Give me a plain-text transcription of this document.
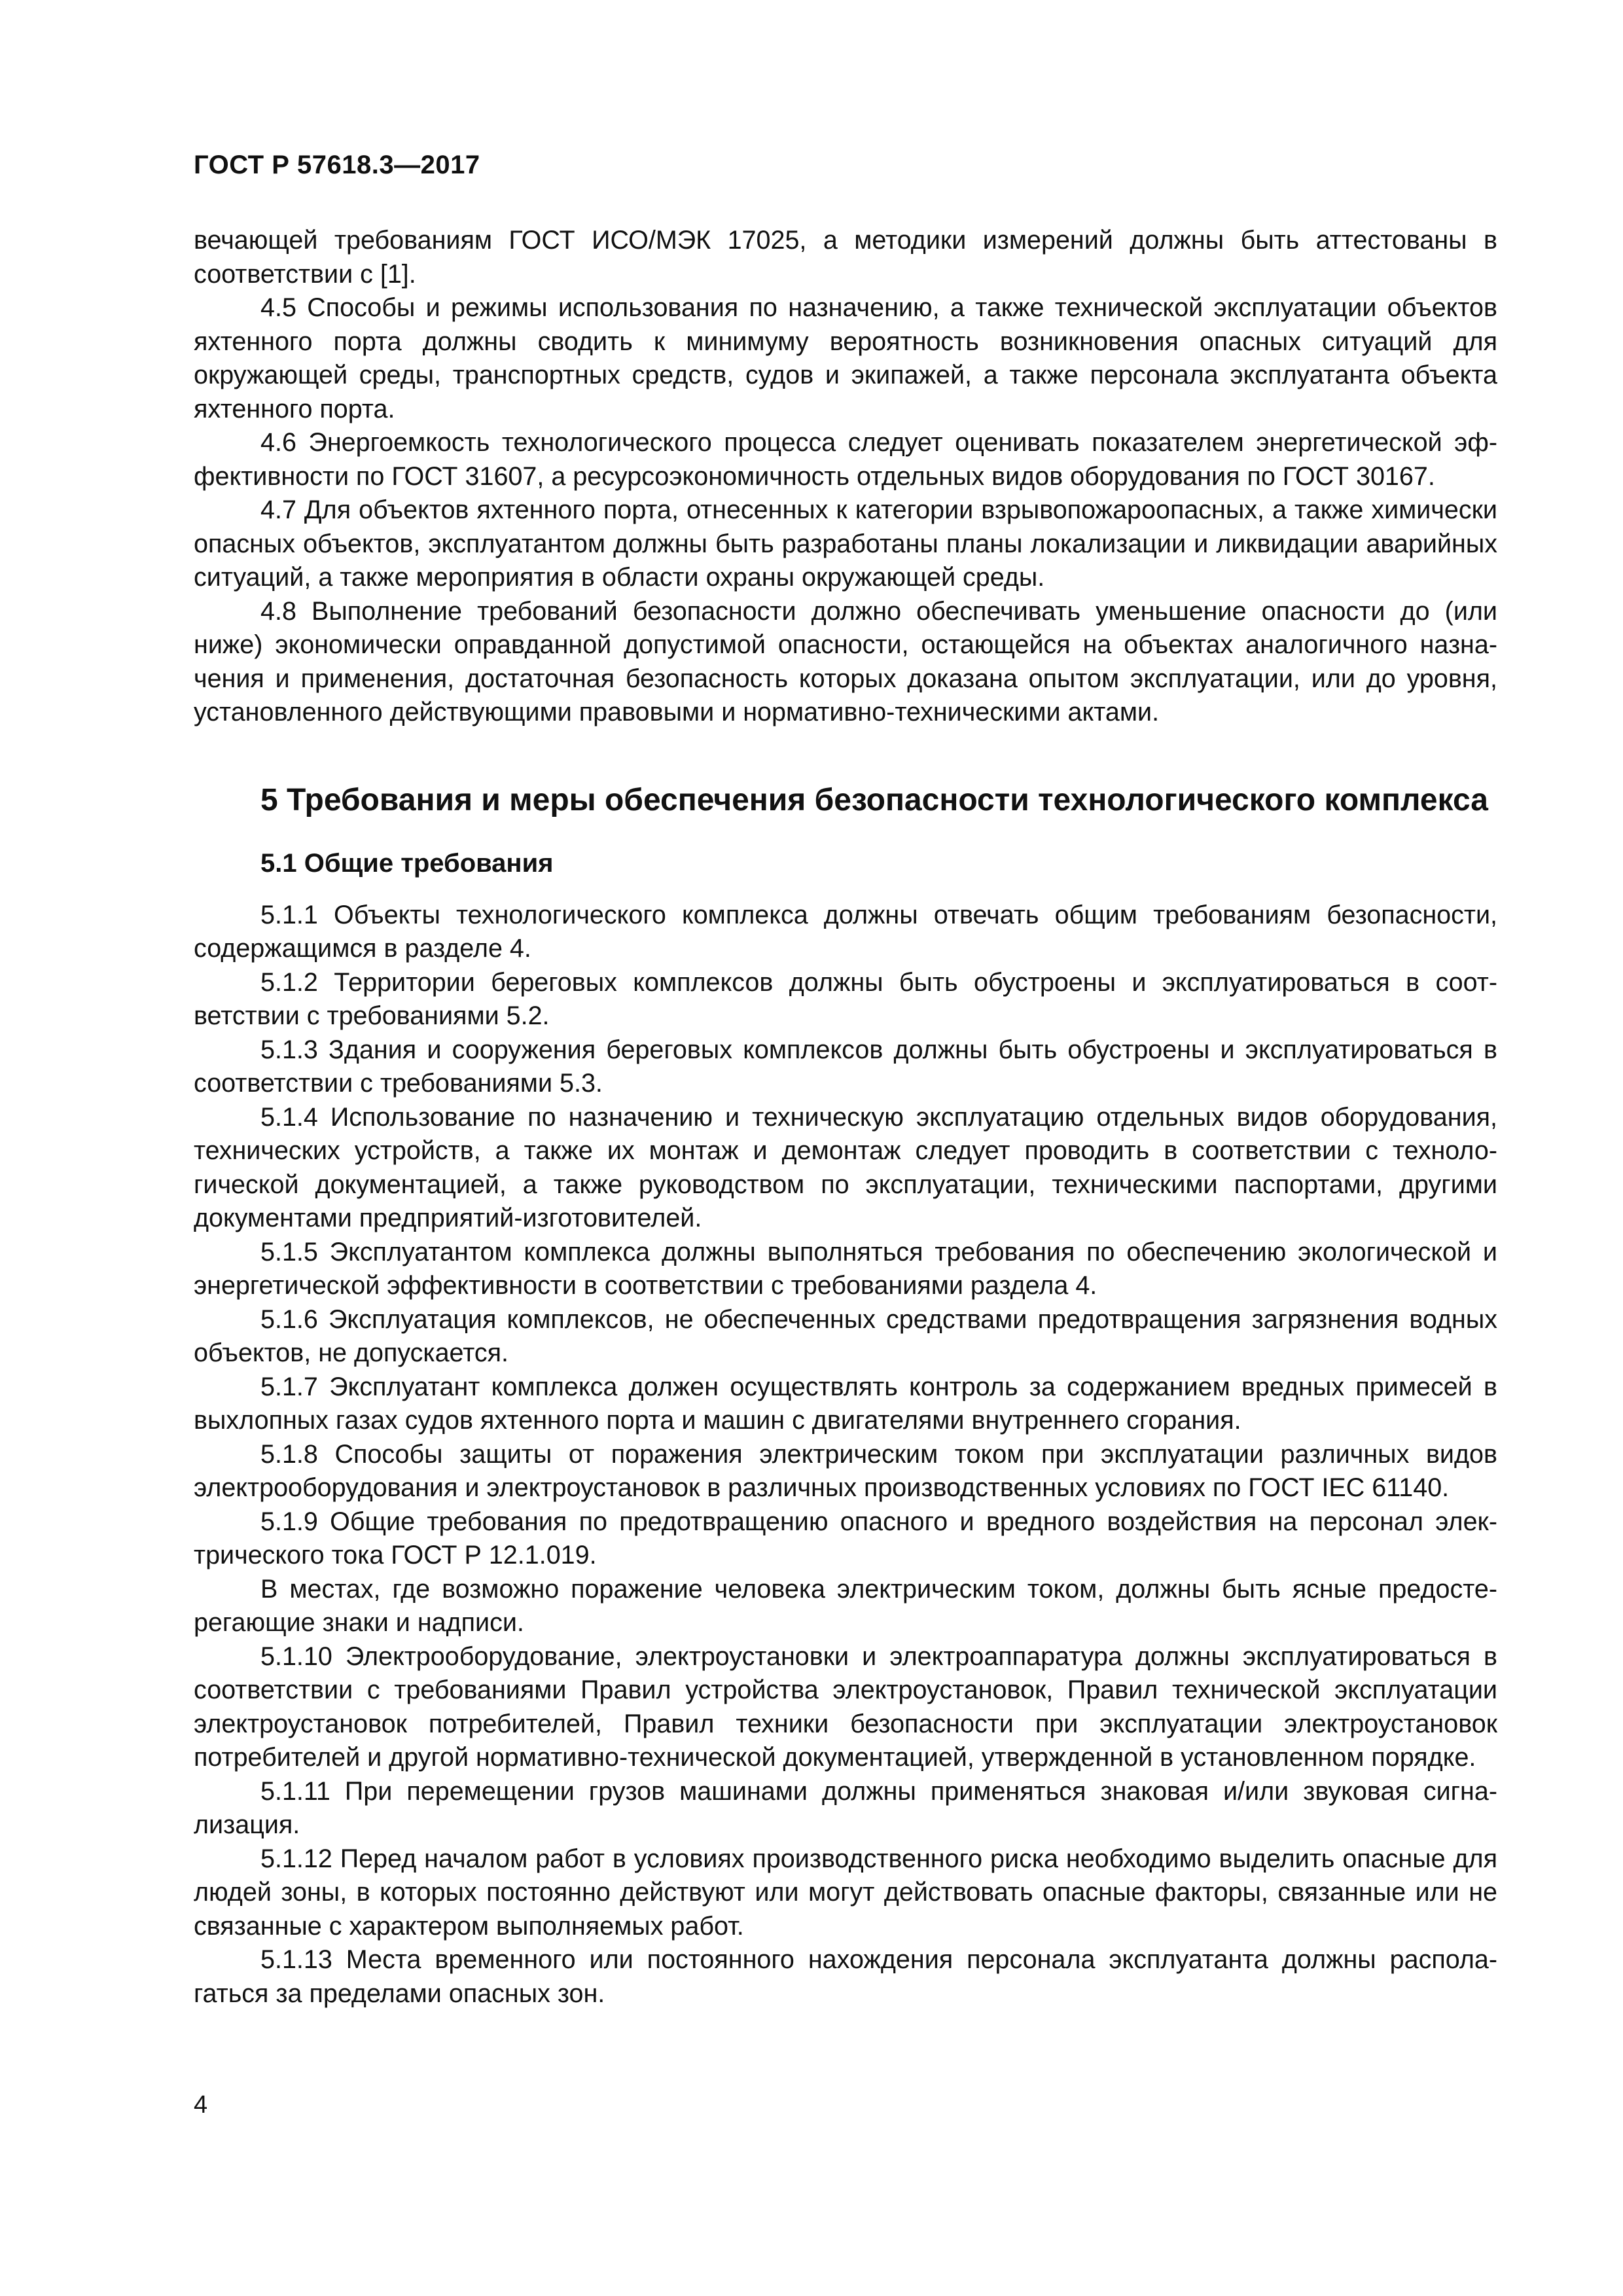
ГОСТ Р 57618.3—2017

вечающей требованиям ГОСТ ИСО/МЭК 17025, а методики измерений должны быть аттестованы в соответствии с [1].

4.5 Способы и режимы использования по назначению, а также технической эксплуатации объектов яхтенного порта должны сводить к минимуму вероятность возникновения опасных ситуаций для окружающей среды, транспортных средств, судов и экипажей, а также персонала эксплуатанта объекта яхтенного порта.

4.6 Энергоемкость технологического процесса следует оценивать показателем энергетической эффективности по ГОСТ 31607, а ресурсоэкономичность отдельных видов оборудования по ГОСТ 30167.

4.7 Для объектов яхтенного порта, отнесенных к категории взрывопожароопасных, а также химически опасных объектов, эксплуатантом должны быть разработаны планы локализации и ликвидации аварийных ситуаций, а также мероприятия в области охраны окружающей среды.

4.8 Выполнение требований безопасности должно обеспечивать уменьшение опасности до (или ниже) экономически оправданной допустимой опасности, остающейся на объектах аналогичного назначения и применения, достаточная безопасность которых доказана опытом эксплуатации, или до уровня, установленного действующими правовыми и нормативно-техническими актами.

5 Требования и меры обеспечения безопасности технологического комплекса
5.1 Общие требования

5.1.1 Объекты технологического комплекса должны отвечать общим требованиям безопасности, содержащимся в разделе 4.

5.1.2 Территории береговых комплексов должны быть обустроены и эксплуатироваться в соответствии с требованиями 5.2.

5.1.3 Здания и сооружения береговых комплексов должны быть обустроены и эксплуатироваться в соответствии с требованиями 5.3.

5.1.4 Использование по назначению и техническую эксплуатацию отдельных видов оборудования, технических устройств, а также их монтаж и демонтаж следует проводить в соответствии с технологической документацией, а также руководством по эксплуатации, техническими паспортами, другими документами предприятий-изготовителей.

5.1.5 Эксплуатантом комплекса должны выполняться требования по обеспечению экологической и энергетической эффективности в соответствии с требованиями раздела 4.

5.1.6 Эксплуатация комплексов, не обеспеченных средствами предотвращения загрязнения водных объектов, не допускается.

5.1.7 Эксплуатант комплекса должен осуществлять контроль за содержанием вредных примесей в выхлопных газах судов яхтенного порта и машин с двигателями внутреннего сгорания.

5.1.8 Способы защиты от поражения электрическим током при эксплуатации различных видов электрооборудования и электроустановок в различных производственных условиях по ГОСТ IEC 61140.

5.1.9 Общие требования по предотвращению опасного и вредного воздействия на персонал электрического тока ГОСТ Р 12.1.019.

В местах, где возможно поражение человека электрическим током, должны быть ясные предостерегающие знаки и надписи.

5.1.10 Электрооборудование, электроустановки и электроаппаратура должны эксплуатироваться в соответствии с требованиями Правил устройства электроустановок, Правил технической эксплуатации электроустановок потребителей, Правил техники безопасности при эксплуатации электроустановок потребителей и другой нормативно-технической документацией, утвержденной в установленном порядке.

5.1.11 При перемещении грузов машинами должны применяться знаковая и/или звуковая сигнализация.

5.1.12 Перед началом работ в условиях производственного риска необходимо выделить опасные для людей зоны, в которых постоянно действуют или могут действовать опасные факторы, связанные или не связанные с характером выполняемых работ.

5.1.13 Места временного или постоянного нахождения персонала эксплуатанта должны располагаться за пределами опасных зон.

4
